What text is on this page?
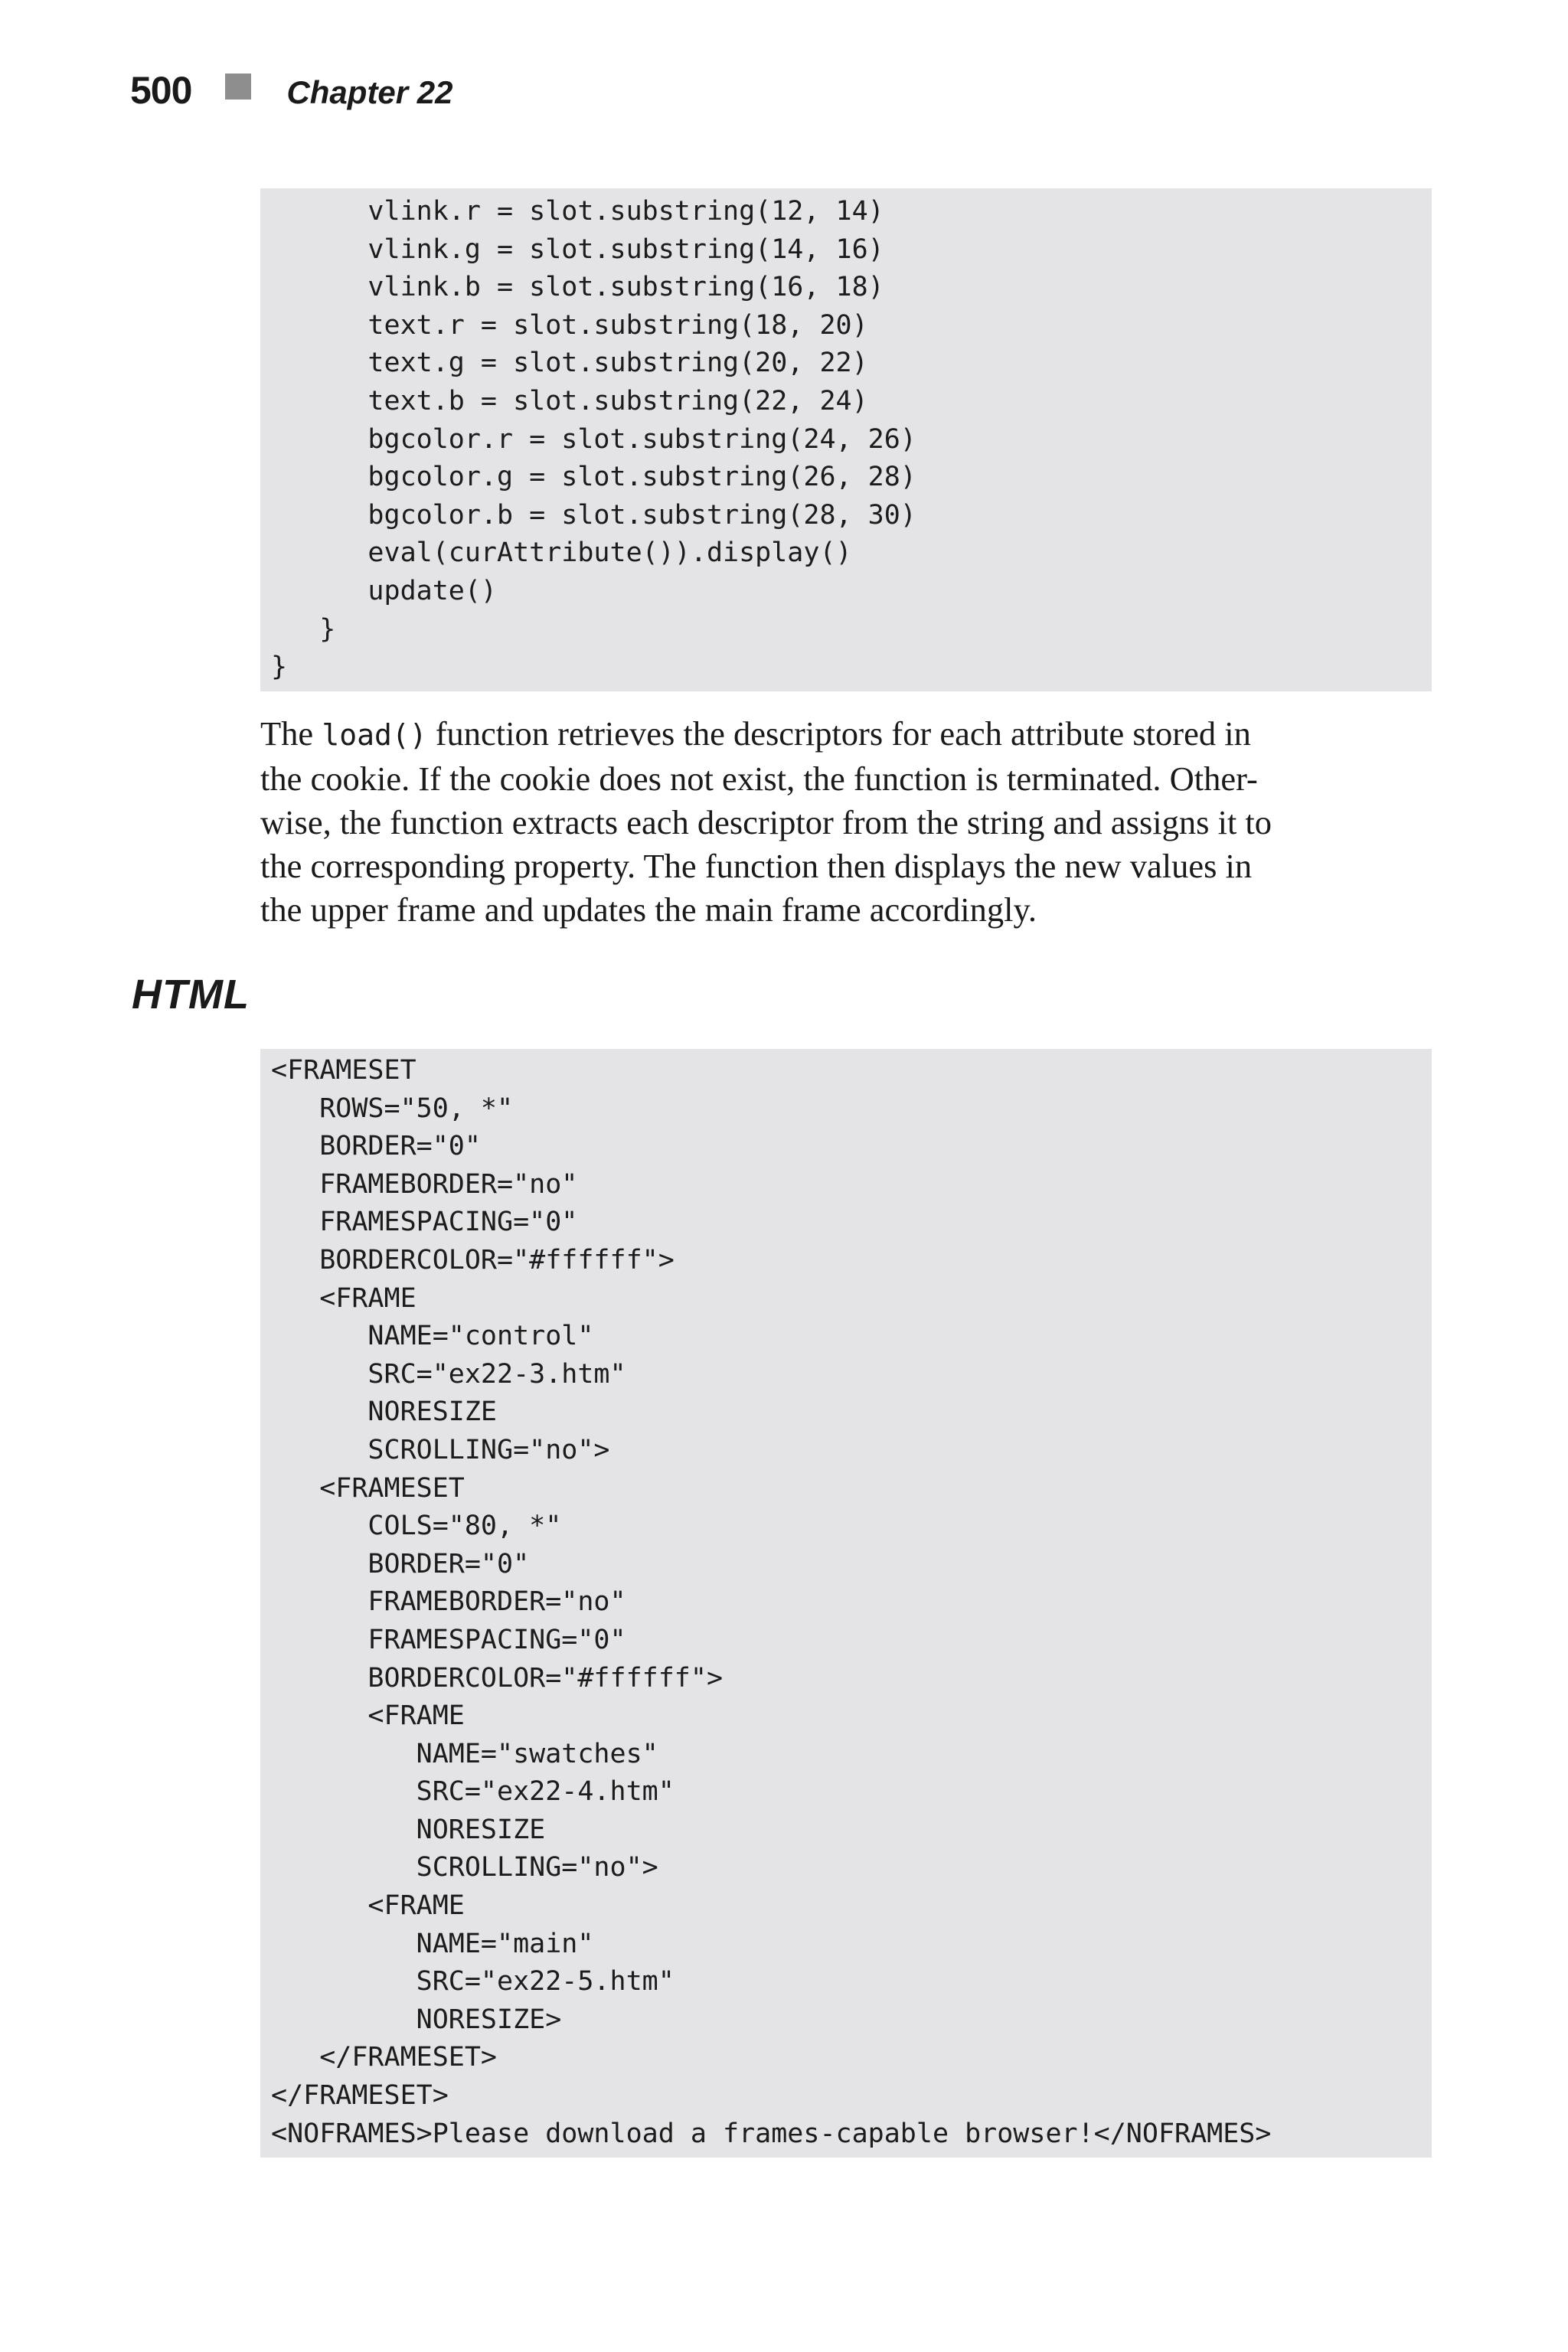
500	Chapter 22
vlink.r = slot.substring(12, 14)
vlink.g = slot.substring(14, 16)
vlink.b = slot.substring(16, 18)
text.r = slot.substring(18, 20)
text.g = slot.substring(20, 22)
text.b = slot.substring(22, 24)
bgcolor.r = slot.substring(24, 26)
bgcolor.g = slot.substring(26, 28)
bgcolor.b = slot.substring(28, 30)
eval(curAttribute()).display()
update()
}
}
The load() function retrieves the descriptors for each attribute stored in
the cookie. If the cookie does not exist, the function is terminated. Other-
wise, the function extracts each descriptor from the string and assigns it to
the corresponding property. The function then displays the new values in
the upper frame and updates the main frame accordingly.
HTML
<FRAMESET
ROWS="50, *"
BORDER="0"
FRAMEBORDER="no"
FRAMESPACING="0"
BORDERCOLOR="#ffffff">
<FRAME
NAME="control"
SRC="ex22-3.htm"
NORESIZE
SCROLLING="no">
<FRAMESET
COLS="80, *"
BORDER="0"
FRAMEBORDER="no"
FRAMESPACING="0"
BORDERCOLOR="#ffffff">
<FRAME
NAME="swatches"
SRC="ex22-4.htm"
NORESIZE
SCROLLING="no">
<FRAME
NAME="main"
SRC="ex22-5.htm"
NORESIZE>
</FRAMESET>
</FRAMESET>
<NOFRAMES>Please download a frames-capable browser!</NOFRAMES>
